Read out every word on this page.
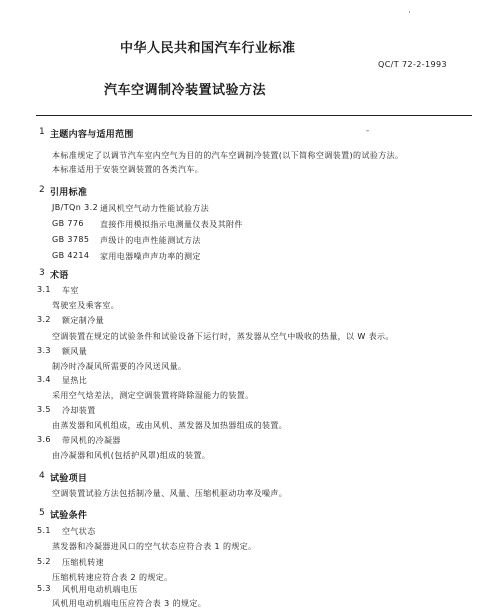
·
-
中华人民共和国汽车行业标准
QC/T 72-2-1993
汽车空调制冷装置试验方法
1 主题内容与适用范围
本标准规定了以调节汽车室内空气为目的的汽车空调制冷装置(以下简称空调装置)的试验方法。
本标准适用于安装空调装置的各类汽车。
2 引用标准
JB/TQn 3.2 通风机空气动力性能试验方法
GB 776 直接作用模拟指示电测量仪表及其附件
GB 3785 声级计的电声性能测试方法
GB 4214 家用电器噪声声功率的测定
3 术语
3.1 车室
驾驶室及乘客室。
3.2 额定制冷量
空调装置在规定的试验条件和试验设备下运行时，蒸发器从空气中吸收的热量，以 W 表示。
3.3 额风量
制冷时冷凝风所需要的冷风送风量。
3.4 显热比
采用空气焓差法，测定空调装置将降除湿能力的装置。
3.5 冷却装置
由蒸发器和风机组成，或由风机、蒸发器及加热器组成的装置。
3.6 带风机的冷凝器
由冷凝器和风机(包括护风罩)组成的装置。
4 试验项目
空调装置试验方法包括制冷量、风量、压缩机驱动功率及噪声。
5 试验条件
5.1 空气状态
蒸发器和冷凝器进风口的空气状态应符合表 1 的规定。
5.2 压缩机转速
压缩机转速应符合表 2 的规定。
5.3 风机用电动机端电压
风机用电动机端电压应符合表 3 的规定。
